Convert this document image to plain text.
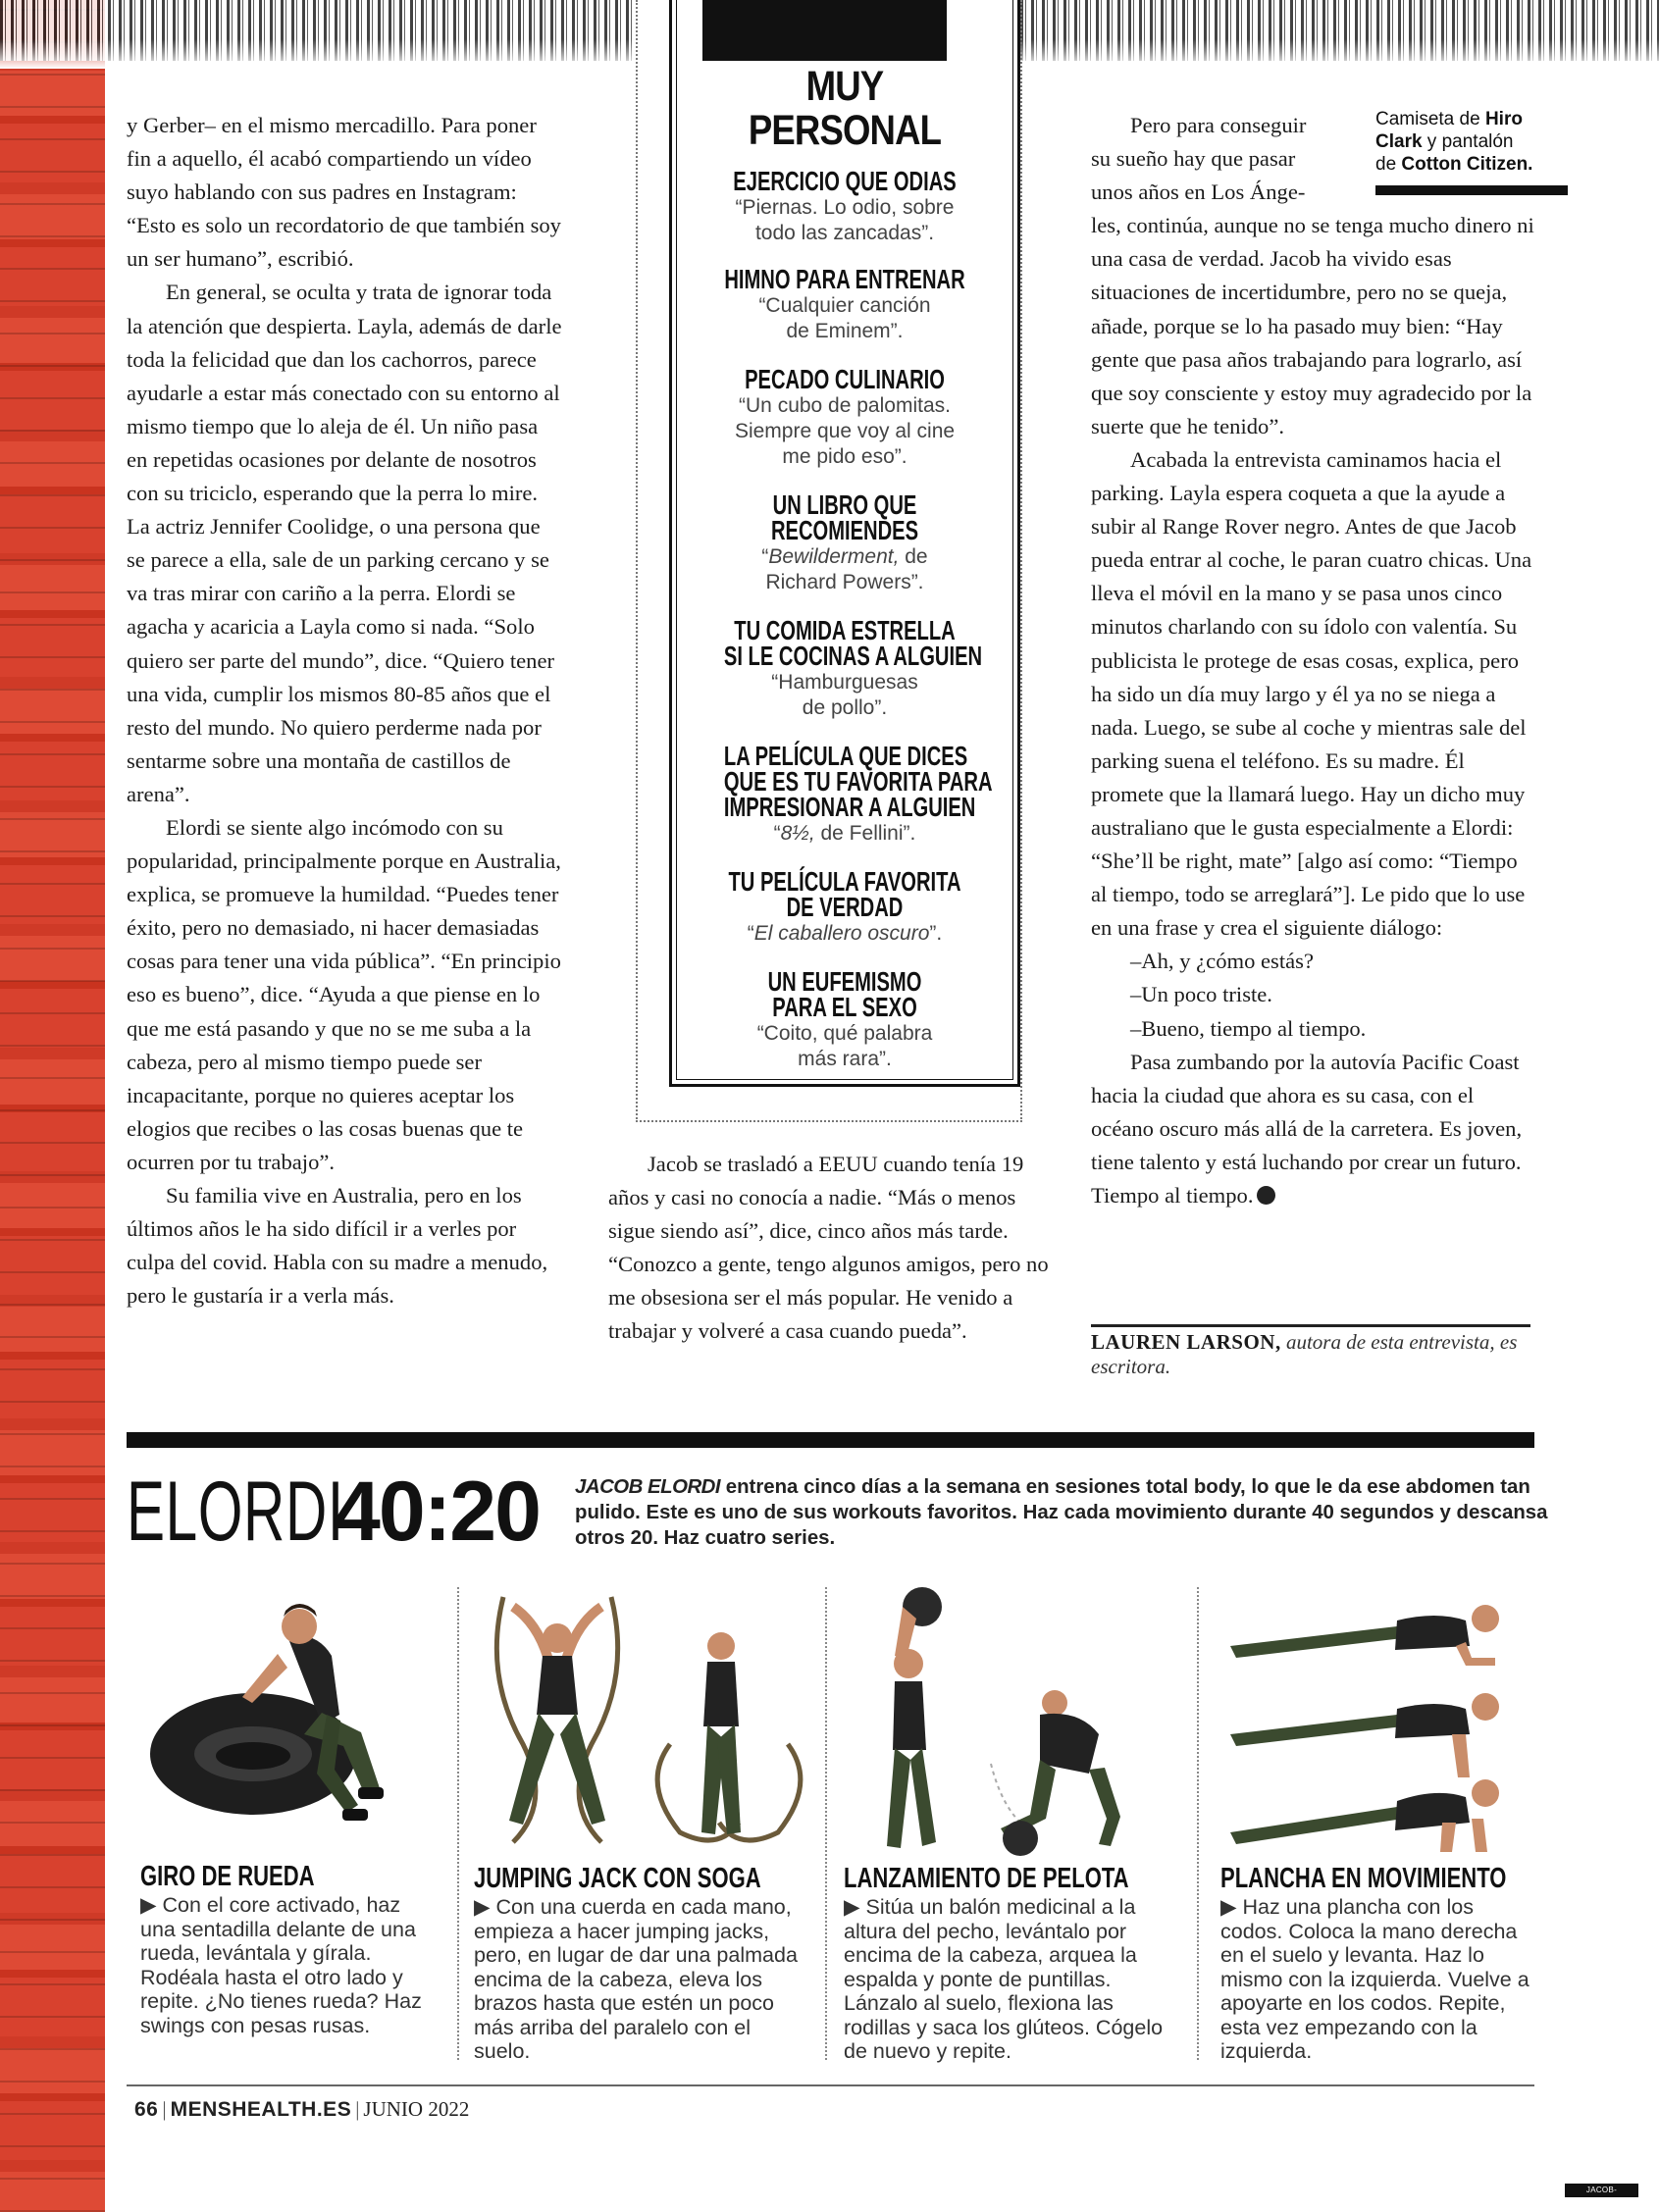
y Gerber– en el mismo mercadillo. Para poner fin a aquello, él acabó compartiendo un vídeo suyo hablando con sus padres en Instagram: “Esto es solo un recordatorio de que también soy un ser humano”, escribió.

En general, se oculta y trata de ignorar toda la atención que despierta. Layla, además de darle toda la felicidad que dan los cachorros, parece ayudarle a estar más conectado con su entorno al mismo tiempo que lo aleja de él. Un niño pasa en repetidas ocasiones por delante de nosotros con su triciclo, esperando que la perra lo mire. La actriz Jennifer Coolidge, o una persona que se parece a ella, sale de un parking cercano y se va tras mirar con cariño a la perra. Elordi se agacha y acaricia a Layla como si nada. “Solo quiero ser parte del mundo”, dice. “Quiero tener una vida, cumplir los mismos 80-85 años que el resto del mundo. No quiero perderme nada por sentarme sobre una montaña de castillos de arena”.

Elordi se siente algo incómodo con su popularidad, principalmente porque en Australia, explica, se promueve la humildad. “Puedes tener éxito, pero no demasiado, ni hacer demasiadas cosas para tener una vida pública”. “En principio eso es bueno”, dice. “Ayuda a que piense en lo que me está pasando y que no se me suba a la cabeza, pero al mismo tiempo puede ser incapacitante, porque no quieres aceptar los elogios que recibes o las cosas buenas que te ocurren por tu trabajo”.

Su familia vive en Australia, pero en los últimos años le ha sido difícil ir a verles por culpa del covid. Habla con su madre a menudo, pero le gustaría ir a verla más.

MUY
PERSONAL
EJERCICIO QUE ODIAS
“Piernas. Lo odio, sobre
todo las zancadas”.
HIMNO PARA ENTRENAR
“Cualquier canción
de Eminem”.
PECADO CULINARIO
“Un cubo de palomitas.
Siempre que voy al cine
me pido eso”.
UN LIBRO QUE
RECOMIENDES
“Bewilderment, de
Richard Powers”.
TU COMIDA ESTRELLA
SI LE COCINAS A ALGUIEN
“Hamburguesas
de pollo”.
LA PELÍCULA QUE DICES
QUE ES TU FAVORITA PARA
IMPRESIONAR A ALGUIEN
“8½, de Fellini”.
TU PELÍCULA FAVORITA
DE VERDAD
“El caballero oscuro”.
UN EUFEMISMO
PARA EL SEXO
“Coito, qué palabra
más rara”.

Jacob se trasladó a EEUU cuando tenía 19 años y casi no conocía a nadie. “Más o menos sigue siendo así”, dice, cinco años más tarde. “Conozco a gente, tengo algunos amigos, pero no me obsesiona ser el más popular. He venido a trabajar y volveré a casa cuando pueda”.

Pero para conseguir
su sueño hay que pasar
unos años en Los Ánge-

les, continúa, aunque no se tenga mucho dinero ni una casa de verdad. Jacob ha vivido esas situaciones de incertidumbre, pero no se queja, añade, porque se lo ha pasado muy bien: “Hay gente que pasa años trabajando para lograrlo, así que soy consciente y estoy muy agradecido por la suerte que he tenido”.

Acabada la entrevista caminamos hacia el parking. Layla espera coqueta a que la ayude a subir al Range Rover negro. Antes de que Jacob pueda entrar al coche, le paran cuatro chicas. Una lleva el móvil en la mano y se pasa unos cinco minutos charlando con su ídolo con valentía. Su publicista le protege de esas cosas, explica, pero ha sido un día muy largo y él ya no se niega a nada. Luego, se sube al coche y mientras sale del parking suena el teléfono. Es su madre. Él promete que la llamará luego. Hay un dicho muy australiano que le gusta especialmente a Elordi: “She’ll be right, mate” [algo así como: “Tiempo al tiempo, todo se arreglará”]. Le pido que lo use en una frase y crea el siguiente diálogo:

–Ah, y ¿cómo estás?
–Un poco triste.
–Bueno, tiempo al tiempo.

Pasa zumbando por la autovía Pacific Coast hacia la ciudad que ahora es su casa, con el océano oscuro más allá de la carretera. Es joven, tiene talento y está luchando por crear un futuro. Tiempo al tiempo.

Camiseta de Hiro
Clark y pantalón
de Cotton Citizen.
LAUREN LARSON, autora de esta entrevista, es escritora.
ELORDI
40:20 JACOB ELORDI entrena cinco días a la semana en sesiones total body, lo que le da ese abdomen tan pulido. Este es uno de sus workouts favoritos. Haz cada movimiento durante 40 segundos y descansa otros 20. Haz cuatro series.
GIRO DE RUEDA
▶ Con el core activado, haz una sentadilla delante de una rueda, levántala y gírala. Rodéala hasta el otro lado y repite. ¿No tienes rueda? Haz swings con pesas rusas.
JUMPING JACK CON SOGA
▶ Con una cuerda en cada mano, empieza a hacer jumping jacks, pero, en lugar de dar una palmada encima de la cabeza, eleva los brazos hasta que estén un poco más arriba del paralelo con el suelo.
LANZAMIENTO DE PELOTA
▶ Sitúa un balón medicinal a la altura del pecho, levántalo por encima de la cabeza, arquea la espalda y ponte de puntillas. Lánzalo al suelo, flexiona las rodillas y saca los glúteos. Cógelo de nuevo y repite.
PLANCHA EN MOVIMIENTO
▶ Haz una plancha con los codos. Coloca la mano derecha en el suelo y levanta. Haz lo mismo con la izquierda. Vuelve a apoyarte en los codos. Repite, esta vez empezando con la izquierda.
66 | MENSHEALTH.ES | JUNIO 2022
JACOB-ELORDI.COM
